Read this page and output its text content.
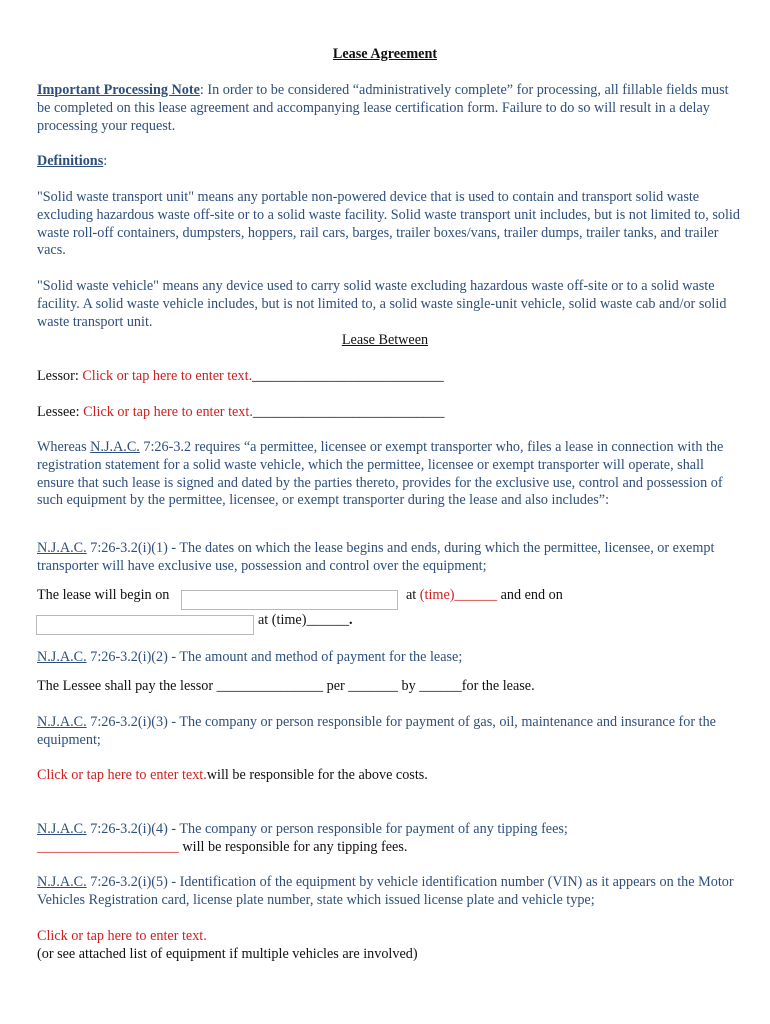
Lease Agreement
Important Processing Note: In order to be considered “administratively complete” for processing, all fillable fields must be completed on this lease agreement and accompanying lease certification form. Failure to do so will result in a delay processing your request.
Definitions:
"Solid waste transport unit" means any portable non-powered device that is used to contain and transport solid waste excluding hazardous waste off-site or to a solid waste facility. Solid waste transport unit includes, but is not limited to, solid waste roll-off containers, dumpsters, hoppers, rail cars, barges, trailer boxes/vans, trailer dumps, trailer tanks, and trailer vacs.
"Solid waste vehicle" means any device used to carry solid waste excluding hazardous waste off-site or to a solid waste facility. A solid waste vehicle includes, but is not limited to, a solid waste single-unit vehicle, solid waste cab and/or solid waste transport unit.
Lease Between
Lessor: Click or tap here to enter text.___________________________
Lessee: Click or tap here to enter text.___________________________
Whereas N.J.A.C. 7:26-3.2 requires “a permittee, licensee or exempt transporter who, files a lease in connection with the registration statement for a solid waste vehicle, which the permittee, licensee or exempt transporter will operate, shall ensure that such lease is signed and dated by the parties thereto, provides for the exclusive use, control and possession of such equipment by the permittee, licensee, or exempt transporter during the lease and also includes”:
N.J.A.C. 7:26-3.2(i)(1) - The dates on which the lease begins and ends, during which the permittee, licensee, or exempt transporter will have exclusive use, possession and control over the equipment;
The lease will begin on	at (time)______ and end on
at (time)______.
N.J.A.C. 7:26-3.2(i)(2) - The amount and method of payment for the lease;
The Lessee shall pay the lessor _______________ per _______ by ______for the lease.
N.J.A.C. 7:26-3.2(i)(3) - The company or person responsible for payment of gas, oil, maintenance and insurance for the equipment;
Click or tap here to enter text.will be responsible for the above costs.
N.J.A.C. 7:26-3.2(i)(4) - The company or person responsible for payment of any tipping fees;
____________________ will be responsible for any tipping fees.
N.J.A.C. 7:26-3.2(i)(5) - Identification of the equipment by vehicle identification number (VIN) as it appears on the Motor Vehicles Registration card, license plate number, state which issued license plate and vehicle type;
Click or tap here to enter text.
(or see attached list of equipment if multiple vehicles are involved)
